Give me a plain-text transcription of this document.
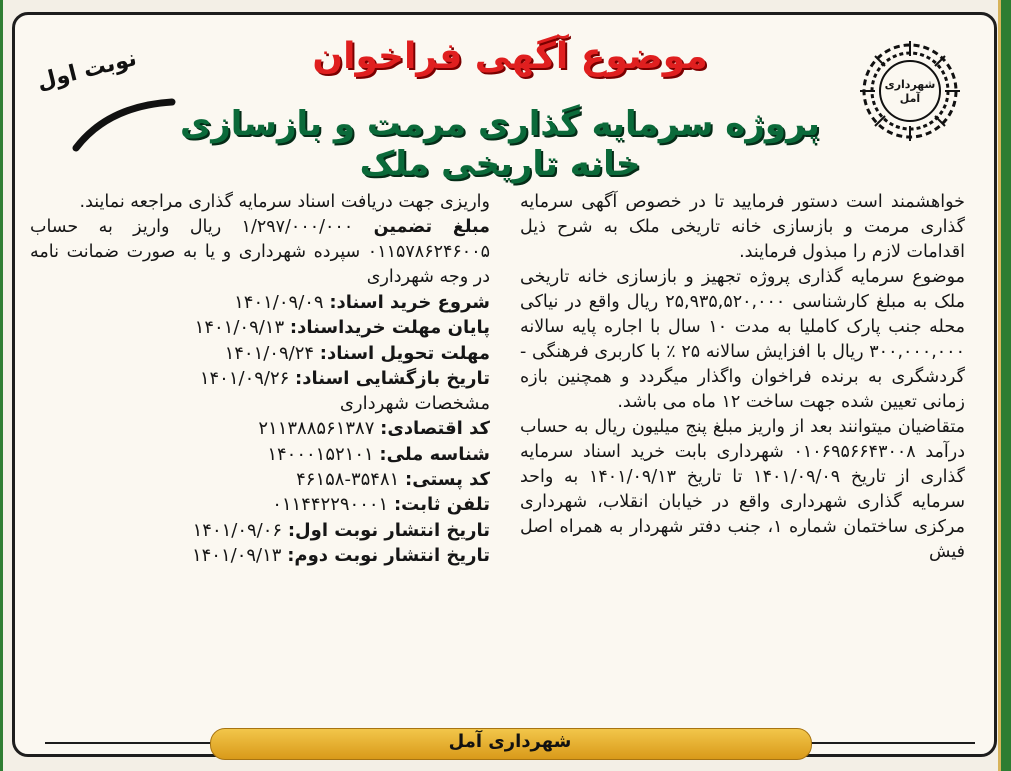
شهرداری آمل
موضوع آگهی فراخوان
پروژه سرمایه گذاری مرمت و بازسازی خانه تاریخی ملک
نوبت اول

خواهشمند است دستور فرمایید تا در خصوص آگهی سرمایه گذاری مرمت و بازسازی خانه تاریخی ملک به شرح ذیل اقدامات لازم را مبذول فرمایند.

موضوع سرمایه گذاری پروژه تجهیز و بازسازی خانه تاریخی ملک به مبلغ کارشناسی ۲۵,۹۳۵,۵۲۰,۰۰۰ ریال واقع در نیاکی محله جنب پارک کاملیا به مدت ۱۰ سال با اجاره پایه سالانه ۳۰۰,۰۰۰,۰۰۰ ریال با افزایش سالانه ۲۵ ٪ با کاربری فرهنگی - گردشگری به برنده فراخوان واگذار میگردد و همچنین بازه زمانی تعیین شده جهت ساخت ۱۲ ماه می باشد.

متقاضیان میتوانند بعد از واریز مبلغ پنج میلیون ریال به حساب درآمد ۰۱۰۶۹۵۶۶۴۳۰۰۸ شهرداری بابت خرید اسناد سرمایه گذاری از تاریخ ۱۴۰۱/۰۹/۰۹ تا تاریخ ۱۴۰۱/۰۹/۱۳ به واحد سرمایه گذاری شهرداری واقع در خیابان انقلاب، شهرداری مرکزی ساختمان شماره ۱، جنب دفتر شهردار به همراه اصل فیش

واریزی جهت دریافت اسناد سرمایه گذاری مراجعه نمایند.

مبلغ تضمین ۱/۲۹۷/۰۰۰/۰۰۰ ریال واریز به حساب ۰۱۱۵۷۸۶۲۴۶۰۰۵ سپرده شهرداری و یا به صورت ضمانت نامه در وجه شهرداری

شروع خرید اسناد: ۱۴۰۱/۰۹/۰۹

پایان مهلت خریداسناد: ۱۴۰۱/۰۹/۱۳

مهلت تحویل اسناد: ۱۴۰۱/۰۹/۲۴

تاریخ بازگشایی اسناد: ۱۴۰۱/۰۹/۲۶

مشخصات شهرداری

کد اقتصادی: ۲۱۱۳۸۸۵۶۱۳۸۷

شناسه ملی: ۱۴۰۰۰۱۵۲۱۰۱

کد پستی: ۳۵۴۸۱-۴۶۱۵۸

تلفن ثابت: ۰۱۱۴۴۲۲۹۰۰۰۱

تاریخ انتشار نوبت اول: ۱۴۰۱/۰۹/۰۶

تاریخ انتشار نوبت دوم: ۱۴۰۱/۰۹/۱۳

شهرداری آمل
